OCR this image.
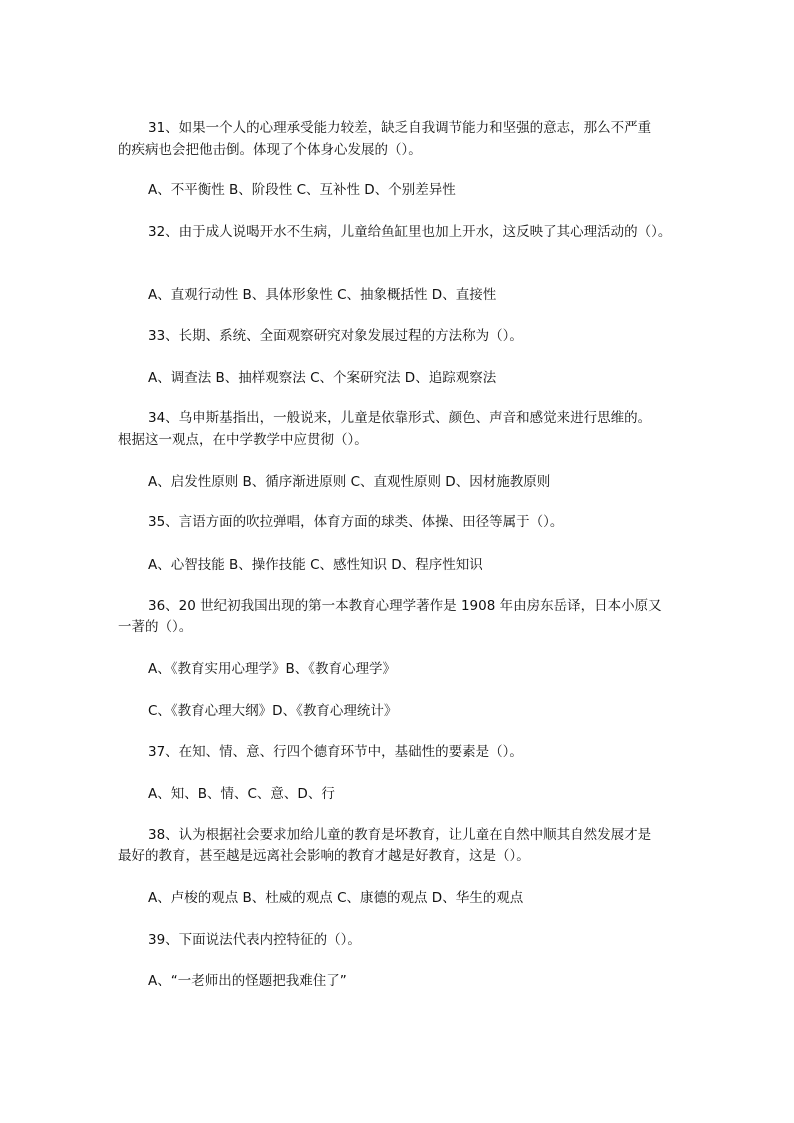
31、如果一个人的心理承受能力较差，缺乏自我调节能力和坚强的意志，那么不严重
的疾病也会把他击倒。体现了个体身心发展的（）。
A、不平衡性 B、阶段性 C、互补性 D、个别差异性
32、由于成人说喝开水不生病，儿童给鱼缸里也加上开水，这反映了其心理活动的（）。
A、直观行动性 B、具体形象性 C、抽象概括性 D、直接性
33、长期、系统、全面观察研究对象发展过程的方法称为（）。
A、调查法 B、抽样观察法 C、个案研究法 D、追踪观察法
34、乌申斯基指出，一般说来，儿童是依靠形式、颜色、声音和感觉来进行思维的。
根据这一观点，在中学教学中应贯彻（）。
A、启发性原则 B、循序渐进原则 C、直观性原则 D、因材施教原则
35、言语方面的吹拉弹唱，体育方面的球类、体操、田径等属于（）。
A、心智技能 B、操作技能 C、感性知识 D、程序性知识
36、20 世纪初我国出现的第一本教育心理学著作是 1908 年由房东岳译，日本小原又
一著的（）。
A、《教育实用心理学》B、《教育心理学》
C、《教育心理大纲》D、《教育心理统计》
37、在知、情、意、行四个德育环节中，基础性的要素是（）。
A、知、B、情、C、意、D、行
38、认为根据社会要求加给儿童的教育是坏教育，让儿童在自然中顺其自然发展才是
最好的教育，甚至越是远离社会影响的教育才越是好教育，这是（）。
A、卢梭的观点 B、杜威的观点 C、康德的观点 D、华生的观点
39、下面说法代表内控特征的（）。
A、“一老师出的怪题把我难住了”
